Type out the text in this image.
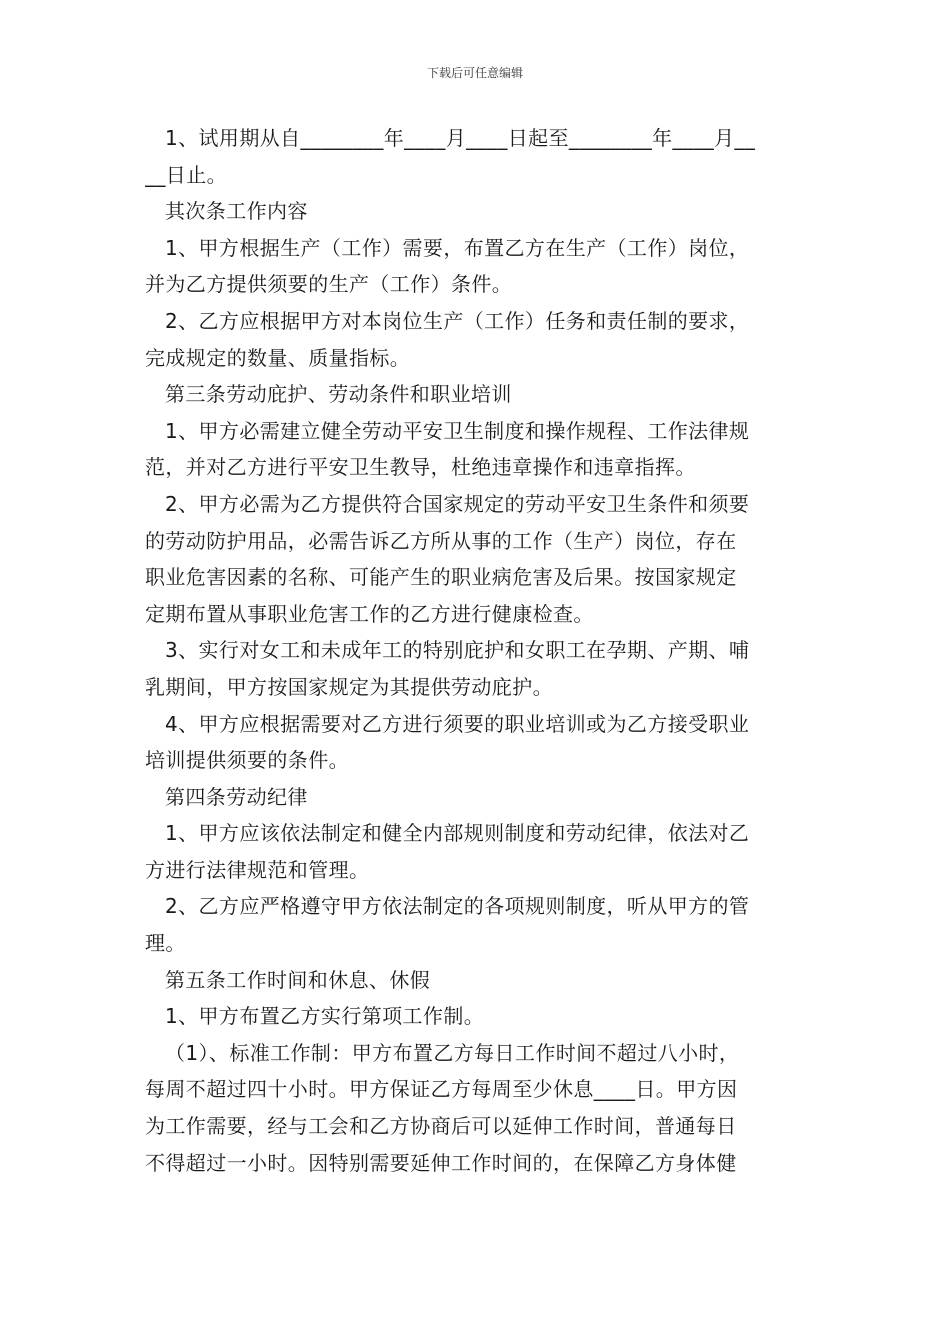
下载后可任意编辑
1、试用期从自________年____月____日起至________年____月__
__日止。
其次条工作内容
1、甲方根据生产（工作）需要，布置乙方在生产（工作）岗位，
并为乙方提供须要的生产（工作）条件。
2、乙方应根据甲方对本岗位生产（工作）任务和责任制的要求，
完成规定的数量、质量指标。
第三条劳动庇护、劳动条件和职业培训
1、甲方必需建立健全劳动平安卫生制度和操作规程、工作法律规
范，并对乙方进行平安卫生教导，杜绝违章操作和违章指挥。
2、甲方必需为乙方提供符合国家规定的劳动平安卫生条件和须要
的劳动防护用品，必需告诉乙方所从事的工作（生产）岗位，存在
职业危害因素的名称、可能产生的职业病危害及后果。按国家规定
定期布置从事职业危害工作的乙方进行健康检查。
3、实行对女工和未成年工的特别庇护和女职工在孕期、产期、哺
乳期间，甲方按国家规定为其提供劳动庇护。
4、甲方应根据需要对乙方进行须要的职业培训或为乙方接受职业
培训提供须要的条件。
第四条劳动纪律
1、甲方应该依法制定和健全内部规则制度和劳动纪律，依法对乙
方进行法律规范和管理。
2、乙方应严格遵守甲方依法制定的各项规则制度，听从甲方的管
理。
第五条工作时间和休息、休假
1、甲方布置乙方实行第项工作制。
（1）、标准工作制：甲方布置乙方每日工作时间不超过八小时，
每周不超过四十小时。甲方保证乙方每周至少休息____日。甲方因
为工作需要，经与工会和乙方协商后可以延伸工作时间，普通每日
不得超过一小时。因特别需要延伸工作时间的，在保障乙方身体健
